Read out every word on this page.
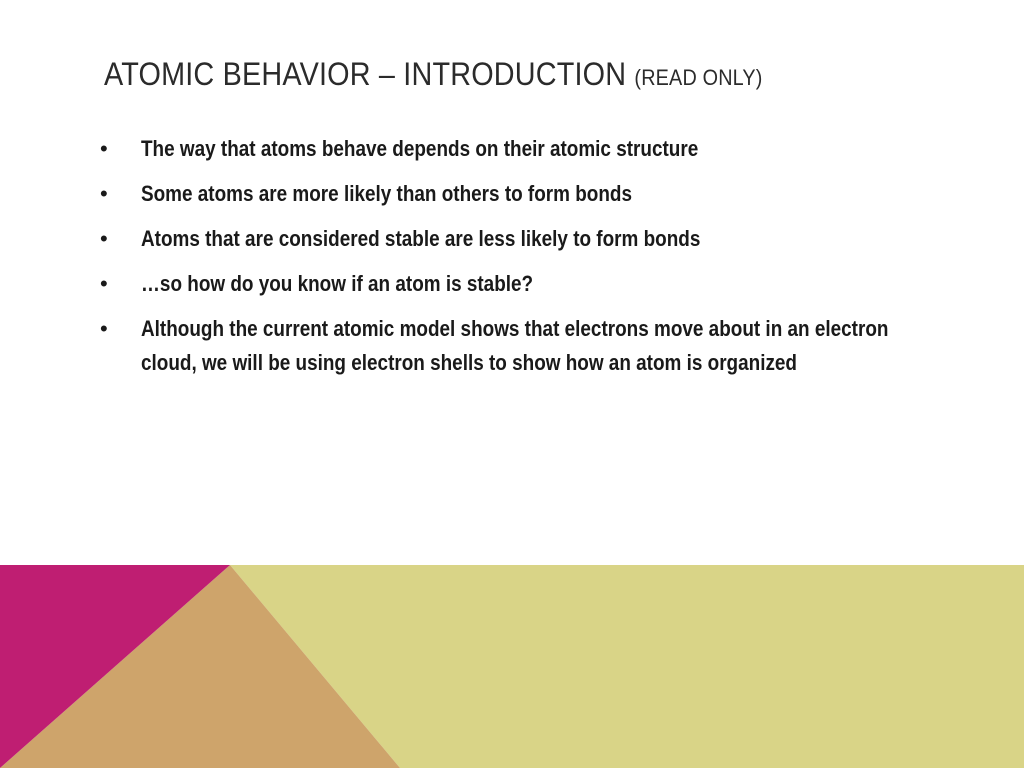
ATOMIC BEHAVIOR – INTRODUCTION (READ ONLY)
• The way that atoms behave depends on their atomic structure
• Some atoms are more likely than others to form bonds
• Atoms that are considered stable are less likely to form bonds
• …so how do you know if an atom is stable?
• Although the current atomic model shows that electrons move about in an electron cloud, we will be using electron shells to show how an atom is organized
